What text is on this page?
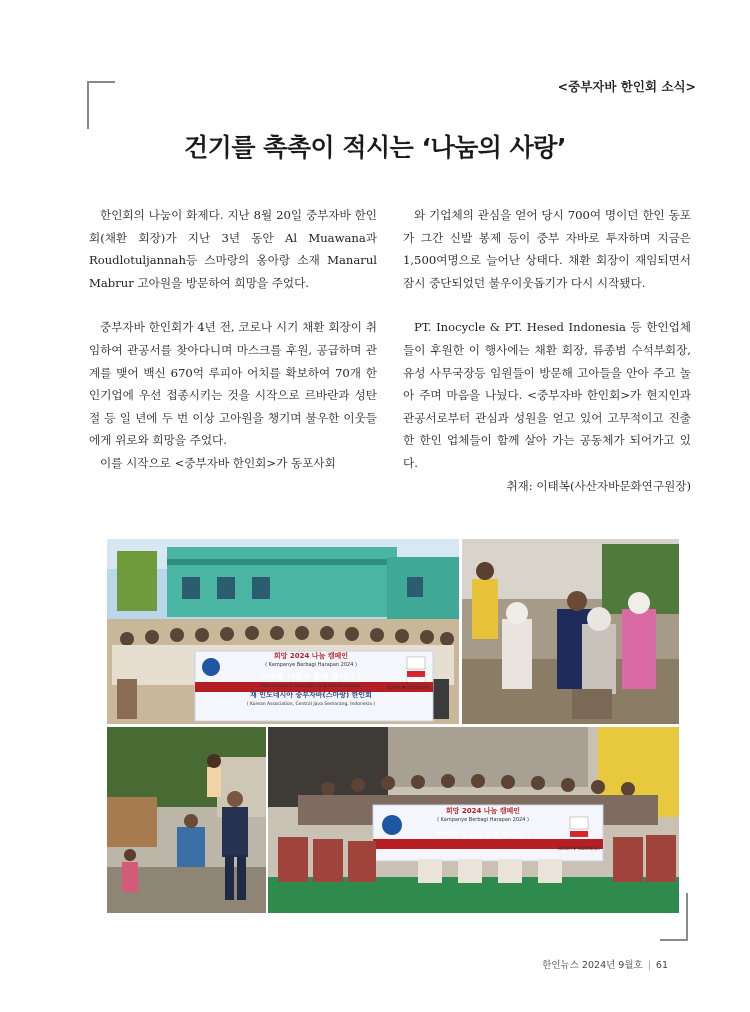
<중부자바 한인회 소식>
건기를 촉촉이 적시는 ‘나눔의 사랑’

한인회의 나눔이 화제다. 지난 8월 20일 중부자바 한인회(채환 회장)가 지난 3년 동안 Al Muawana과 Roudlotuljannah등 스마랑의 옹아랑 소재 Manarul Mabrur 고아원을 방문하여 희망을 주었다.

중부자바 한인회가 4년 전, 코로나 시기 채환 회장이 취임하여 관공서를 찾아다니며 마스크를 후원, 공급하며 관계를 맺어 백신 670억 루피아 어치를 확보하여 70개 한인기업에 우선 접종시키는 것을 시작으로 르바란과 성탄절 등 일 년에 두 번 이상 고아원을 챙기며 불우한 이웃들에게 위로와 희망을 주었다.

이를 시작으로 <중부자바 한인회>가 동포사회

와 기업체의 관심을 얻어 당시 700여 명이던 한인 동포가 그간 신발 봉제 등이 중부 자바로 투자하며 지금은 1,500여명으로 늘어난 상태다. 채환 회장이 재임되면서 잠시 중단되었던 불우이웃돕기가 다시 시작됐다.

PT. Inocycle & PT. Hesed Indonesia 등 한인업체들이 후원한 이 행사에는 채환 회장, 류종범 수석부회장, 유성 사무국장등 임원들이 방문해 고아들을 안아 주고 놀아 주며 마음을 나눴다. <중부자바 한인회>가 현지인과 관공서로부터 관심과 성원을 얻고 있어 고무적이고 진출한 한인 업체들이 함께 살아 가는 공동체가 되어가고 있다.

취재: 이태복(사산자바문화연구원장)

희망 2024 나눔 캠페인
( Kampanye Berbagi Harapan 2024 )
어려운 이웃과 함께 합시다 !
( Mari Bersama Tetangga Yang Membutuhkan )
재 인도네시아 중부자바(스마랑) 한인회
( Korean Association, Central Java Semarang, Indonesia )
KOREA ♥ INDONESIA
희망 2024 나눔 캠페인
( Kampanye Berbagi Harapan 2024 )
어려운 이웃과 함께 합시다 !
KOREA ♥ INDONESIA
한인뉴스 2024년 9월호 | 61
